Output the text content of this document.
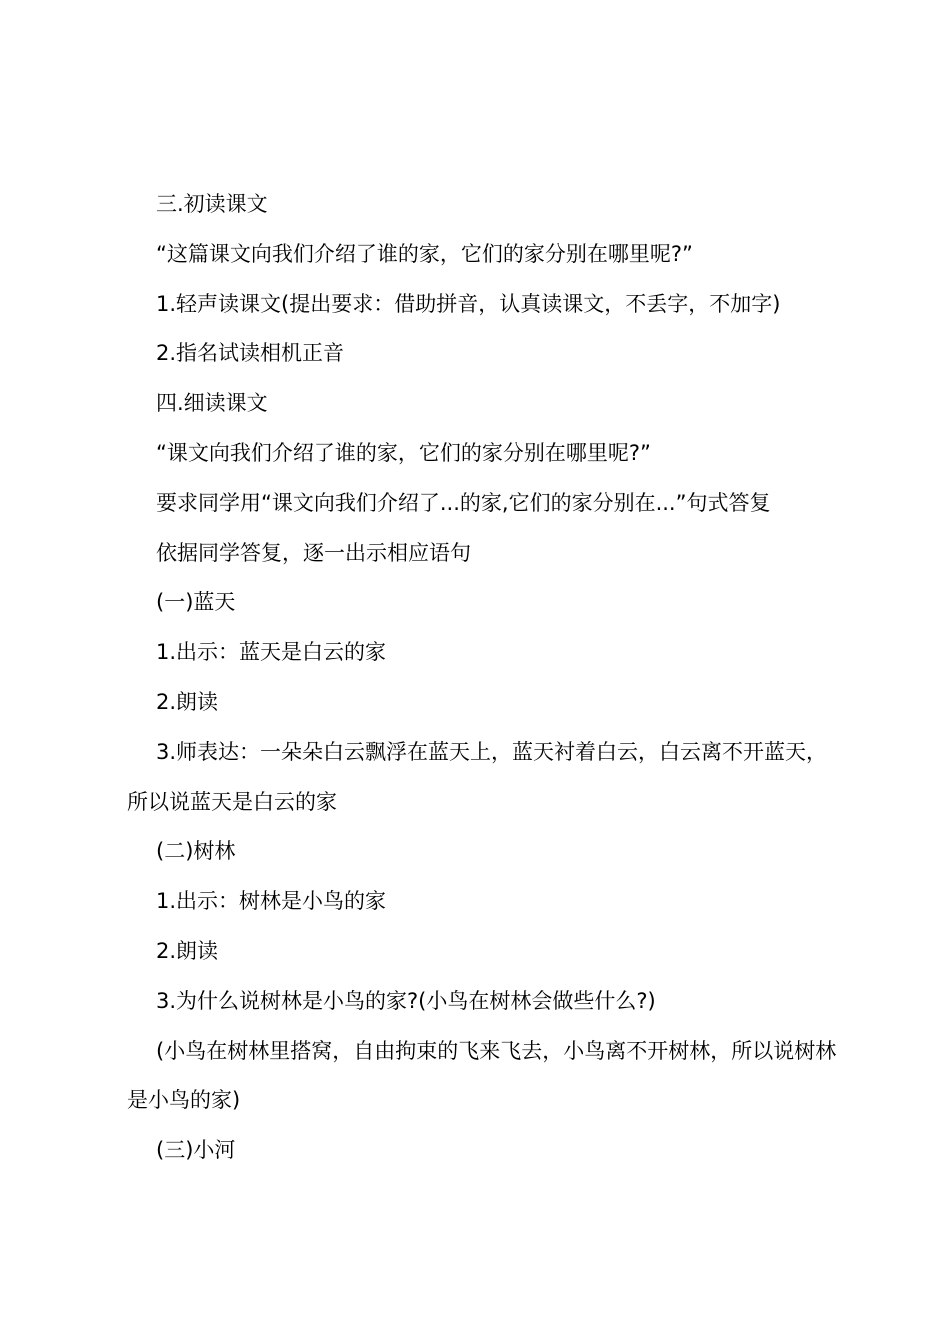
三.初读课文

“这篇课文向我们介绍了谁的家，它们的家分别在哪里呢?”

1.轻声读课文(提出要求：借助拼音，认真读课文，不丢字，不加字)

2.指名试读相机正音

四.细读课文

“课文向我们介绍了谁的家，它们的家分别在哪里呢?”

要求同学用“课文向我们介绍了...的家,它们的家分别在...”句式答复

依据同学答复，逐一出示相应语句

(一)蓝天

1.出示：蓝天是白云的家

2.朗读

3.师表达：一朵朵白云飘浮在蓝天上，蓝天衬着白云，白云离不开蓝天，所以说蓝天是白云的家

(二)树林

1.出示：树林是小鸟的家

2.朗读

3.为什么说树林是小鸟的家?(小鸟在树林会做些什么?)

(小鸟在树林里搭窝，自由拘束的飞来飞去，小鸟离不开树林，所以说树林是小鸟的家)

(三)小河
